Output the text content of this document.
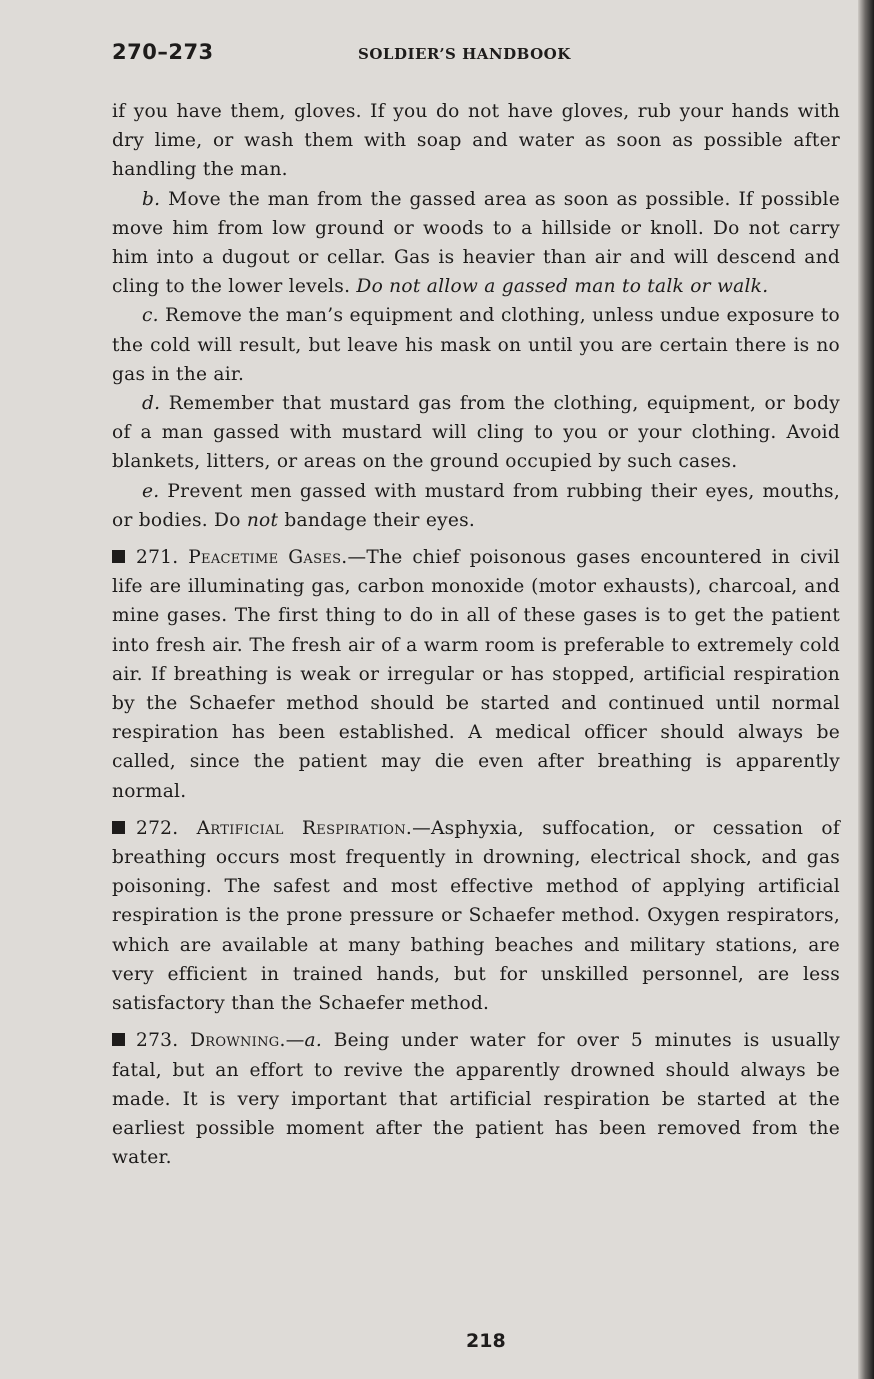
270–273	SOLDIER’S HANDBOOK

if you have them, gloves. If you do not have gloves, rub your hands with dry lime, or wash them with soap and water as soon as possible after handling the man.

b. Move the man from the gassed area as soon as possible. If possible move him from low ground or woods to a hillside or knoll. Do not carry him into a dugout or cellar. Gas is heavier than air and will descend and cling to the lower levels. Do not allow a gassed man to talk or walk.

c. Remove the man’s equipment and clothing, unless undue exposure to the cold will result, but leave his mask on until you are certain there is no gas in the air.

d. Remember that mustard gas from the clothing, equipment, or body of a man gassed with mustard will cling to you or your clothing. Avoid blankets, litters, or areas on the ground occupied by such cases.

e. Prevent men gassed with mustard from rubbing their eyes, mouths, or bodies. Do not bandage their eyes.

271. Peacetime Gases.—The chief poisonous gases encountered in civil life are illuminating gas, carbon monoxide (motor exhausts), charcoal, and mine gases. The first thing to do in all of these gases is to get the patient into fresh air. The fresh air of a warm room is preferable to extremely cold air. If breathing is weak or irregular or has stopped, artificial respiration by the Schaefer method should be started and continued until normal respiration has been established. A medical officer should always be called, since the patient may die even after breathing is apparently normal.

272. Artificial Respiration.—Asphyxia, suffocation, or cessation of breathing occurs most frequently in drowning, electrical shock, and gas poisoning. The safest and most effective method of applying artificial respiration is the prone pressure or Schaefer method. Oxygen respirators, which are available at many bathing beaches and military stations, are very efficient in trained hands, but for unskilled personnel, are less satisfactory than the Schaefer method.

273. Drowning.—a. Being under water for over 5 minutes is usually fatal, but an effort to revive the apparently drowned should always be made. It is very important that artificial respiration be started at the earliest possible moment after the patient has been removed from the water.

218
